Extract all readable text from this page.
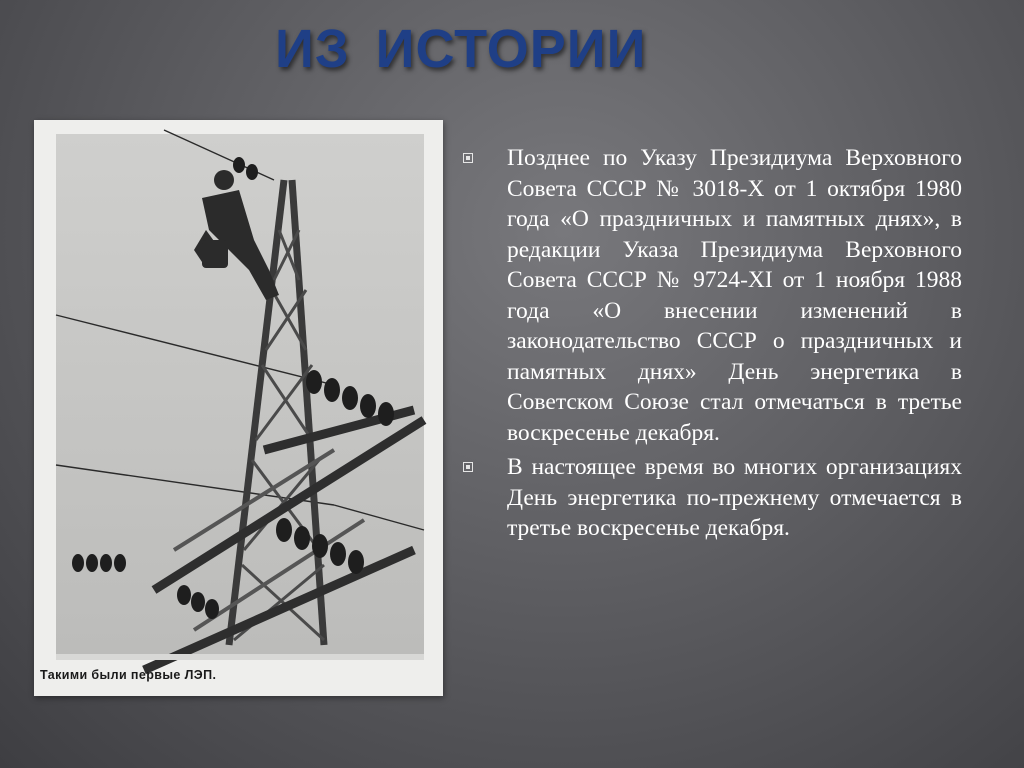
ИЗ ИСТОРИИ
Такими были первые ЛЭП.
Позднее по Указу Президиума Верховного Совета СССР № 3018-X от 1 октября 1980 года «О праздничных и памятных днях», в редакции Указа Президиума Верховного Совета СССР № 9724-XI от 1 ноября 1988 года «О внесении изменений в законодательство СССР о праздничных и памятных днях» День энергетика в Советском Союзе стал отмечаться в третье воскресенье декабря.
В настоящее время во многих организациях День энергетика по-прежнему отмечается в третье воскресенье декабря.
